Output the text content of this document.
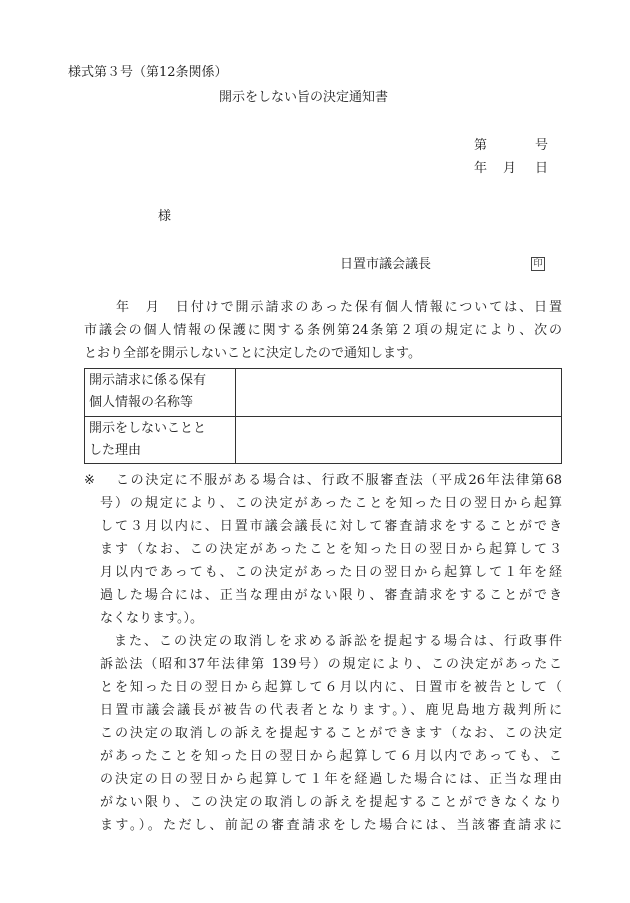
様式第３号（第12条関係）
開示をしない旨の決定通知書
第	号
年 月 日
様
日置市議会議長	印
年　月　日付けで開示請求のあった保有個人情報については、日置
市議会の個人情報の保護に関する条例第24条第２項の規定により、次の
とおり全部を開示しないことに決定したので通知します。
開示請求に係る保有
個人情報の名称等	

開示をしないことと
した理由	

※	この決定に不服がある場合は、行政不服審査法（平成26年法律第68
号）の規定により、この決定があったことを知った日の翌日から起算
して３月以内に、日置市議会議長に対して審査請求をすることができ
ます（なお、この決定があったことを知った日の翌日から起算して３
月以内であっても、この決定があった日の翌日から起算して１年を経
過した場合には、正当な理由がない限り、審査請求をすることができ
なくなります。）。
また、この決定の取消しを求める訴訟を提起する場合は、行政事件
訴訟法（昭和37年法律第 139号）の規定により、この決定があったこ
とを知った日の翌日から起算して６月以内に、日置市を被告として（
日置市議会議長が被告の代表者となります。）、鹿児島地方裁判所に
この決定の取消しの訴えを提起することができます（なお、この決定
があったことを知った日の翌日から起算して６月以内であっても、こ
の決定の日の翌日から起算して１年を経過した場合には、正当な理由
がない限り、この決定の取消しの訴えを提起することができなくなり
ます。）。ただし、前記の審査請求をした場合には、当該審査請求に
